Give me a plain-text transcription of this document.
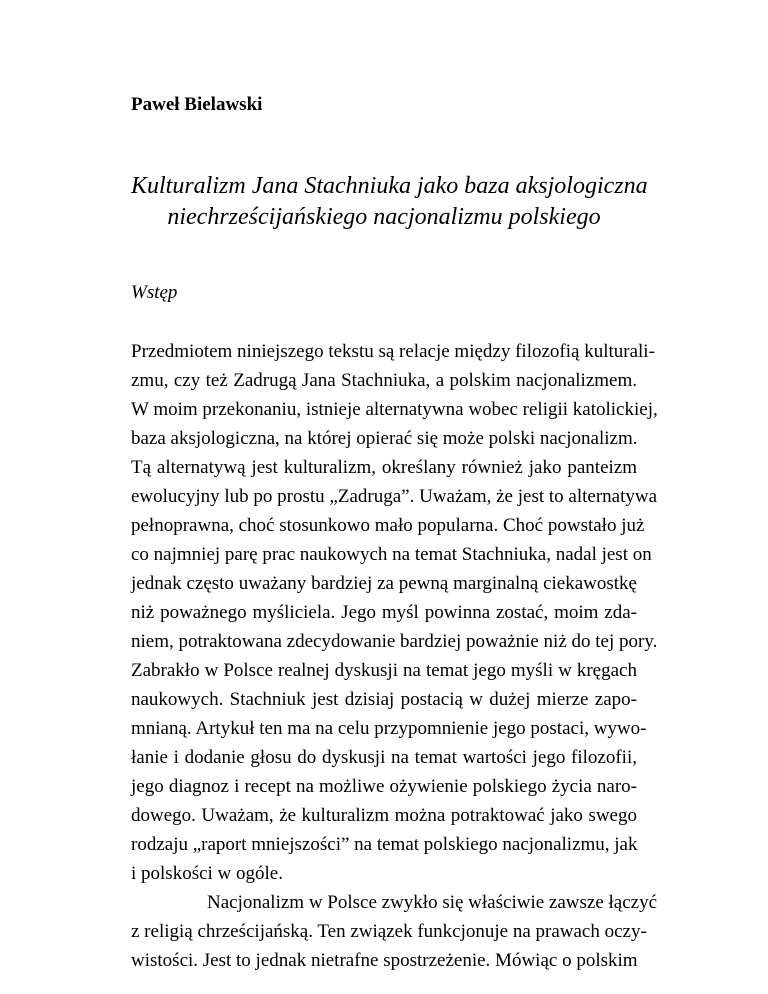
Paweł Bielawski
Kulturalizm Jana Stachniuka jako baza aksjologiczna
niechrześcijańskiego nacjonalizmu polskiego
Wstęp
Przedmiotem niniejszego tekstu są relacje między filozofią kulturali-
zmu, czy też Zadrugą Jana Stachniuka, a polskim nacjonalizmem.
W moim przekonaniu, istnieje alternatywna wobec religii katolickiej,
baza aksjologiczna, na której opierać się może polski nacjonalizm.
Tą alternatywą jest kulturalizm, określany również jako panteizm
ewolucyjny lub po prostu „Zadruga”. Uważam, że jest to alternatywa
pełnoprawna, choć stosunkowo mało popularna. Choć powstało już
co najmniej parę prac naukowych na temat Stachniuka, nadal jest on
jednak często uważany bardziej za pewną marginalną ciekawostkę
niż poważnego myśliciela. Jego myśl powinna zostać, moim zda-
niem, potraktowana zdecydowanie bardziej poważnie niż do tej pory.
Zabrakło w Polsce realnej dyskusji na temat jego myśli w kręgach
naukowych. Stachniuk jest dzisiaj postacią w dużej mierze zapo-
mnianą. Artykuł ten ma na celu przypomnienie jego postaci, wywo-
łanie i dodanie głosu do dyskusji na temat wartości jego filozofii,
jego diagnoz i recept na możliwe ożywienie polskiego życia naro-
dowego. Uważam, że kulturalizm można potraktować jako swego
rodzaju „raport mniejszości” na temat polskiego nacjonalizmu, jak
i polskości w ogóle.
Nacjonalizm w Polsce zwykło się właściwie zawsze łączyć
z religią chrześcijańską. Ten związek funkcjonuje na prawach oczy-
wistości. Jest to jednak nietrafne spostrzeżenie. Mówiąc o polskim
